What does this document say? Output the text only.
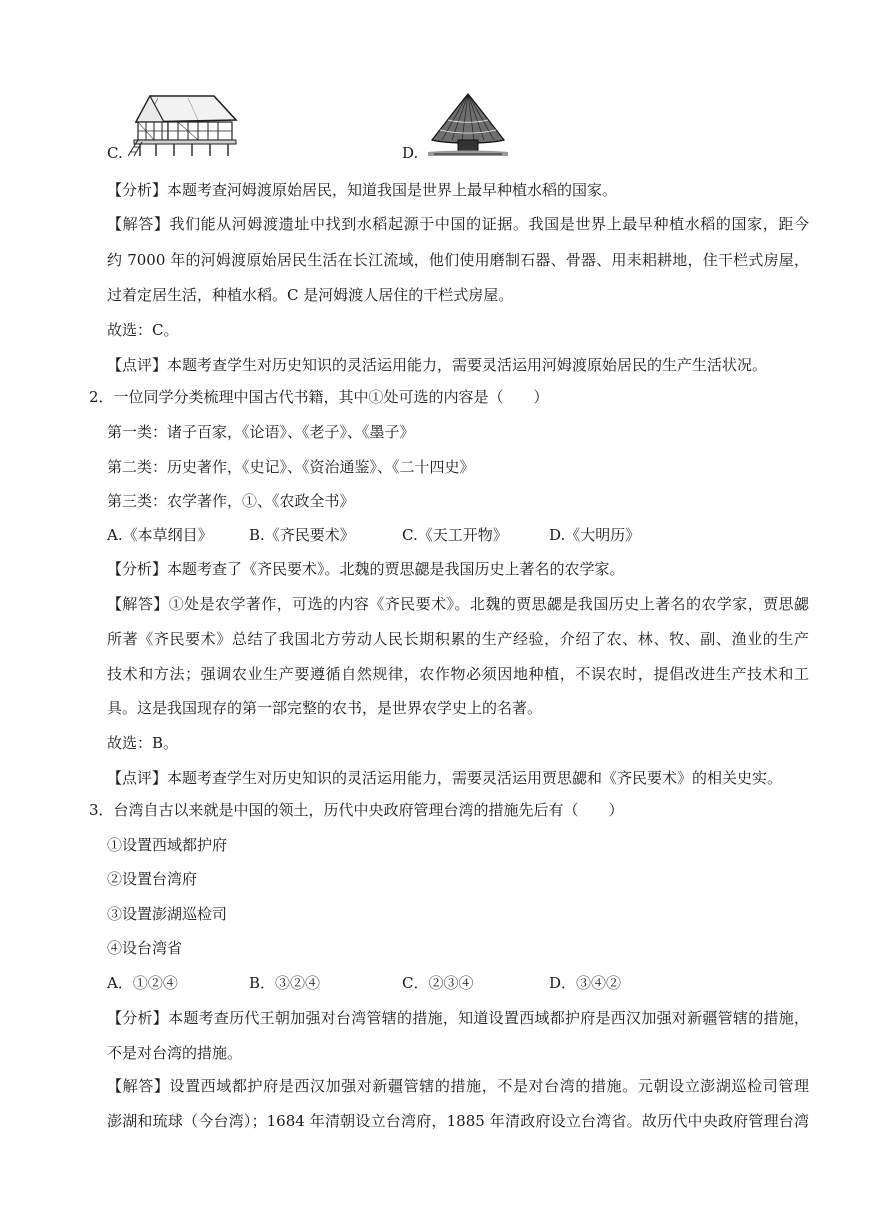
C.	D.
【分析】本题考查河姆渡原始居民，知道我国是世界上最早种植水稻的国家。
【解答】我们能从河姆渡遗址中找到水稻起源于中国的证据。我国是世界上最早种植水稻的国家，距今
约 7000 年的河姆渡原始居民生活在长江流域，他们使用磨制石器、骨器、用耒耜耕地，住干栏式房屋，
过着定居生活，种植水稻。C 是河姆渡人居住的干栏式房屋。
故选：C。
【点评】本题考查学生对历史知识的灵活运用能力，需要灵活运用河姆渡原始居民的生产生活状况。
2．一位同学分类梳理中国古代书籍，其中①处可选的内容是（　　）
第一类：诸子百家，《论语》、《老子》、《墨子》
第二类：历史著作，《史记》、《资治通鉴》、《二十四史》
第三类：农学著作，①、《农政全书》
A.《本草纲目》 B.《齐民要术》	C.《天工开物》	D.《大明历》
【分析】本题考查了《齐民要术》。北魏的贾思勰是我国历史上著名的农学家。
【解答】①处是农学著作，可选的内容《齐民要术》。北魏的贾思勰是我国历史上著名的农学家，贾思勰
所著《齐民要术》总结了我国北方劳动人民长期积累的生产经验，介绍了农、林、牧、副、渔业的生产
技术和方法；强调农业生产要遵循自然规律，农作物必须因地种植，不误农时，提倡改进生产技术和工
具。这是我国现存的第一部完整的农书，是世界农学史上的名著。
故选：B。
【点评】本题考查学生对历史知识的灵活运用能力，需要灵活运用贾思勰和《齐民要术》的相关史实。
3．台湾自古以来就是中国的领土，历代中央政府管理台湾的措施先后有（　　）
①设置西域都护府
②设置台湾府
③设置澎湖巡检司
④设台湾省
A．①②④	B．③②④	C．②③④	D．③④②
【分析】本题考查历代王朝加强对台湾管辖的措施，知道设置西域都护府是西汉加强对新疆管辖的措施，
不是对台湾的措施。
【解答】设置西域都护府是西汉加强对新疆管辖的措施，不是对台湾的措施。元朝设立澎湖巡检司管理
澎湖和琉球（今台湾）；1684 年清朝设立台湾府，1885 年清政府设立台湾省。故历代中央政府管理台湾
